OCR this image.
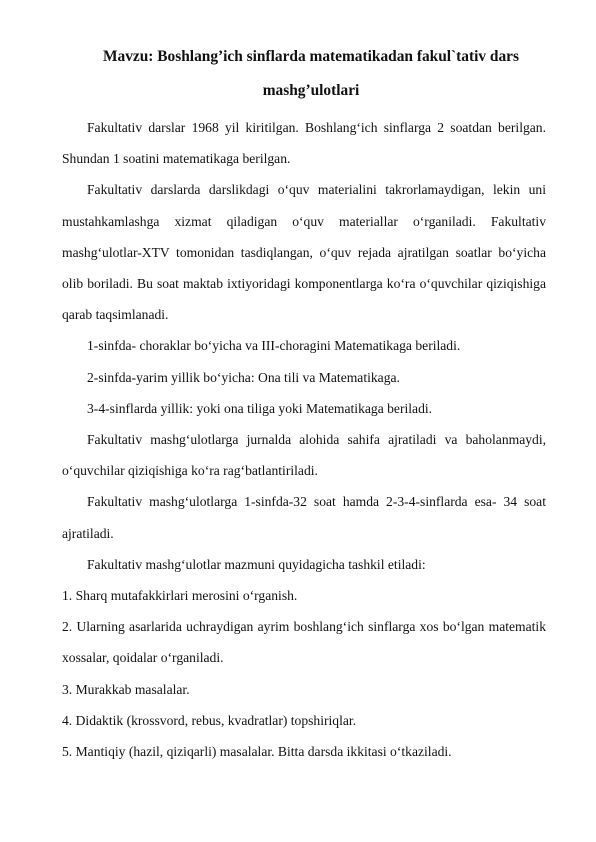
Mavzu: Boshlang’ich sinflarda matematikadan fakul`tativ dars
mashg’ulotlari

Fakultativ darslar 1968 yil kiritilgan. Boshlang‘ich sinflarga 2 soatdan berilgan. Shundan 1 soatini matematikaga berilgan.

Fakultativ darslarda darslikdagi o‘quv materialini takrorlamaydigan, lekin uni mustahkamlashga xizmat qiladigan o‘quv materiallar o‘rganiladi. Fakultativ mashg‘ulotlar-XTV tomonidan tasdiqlangan, o‘quv rejada ajratilgan soatlar bo‘yicha olib boriladi. Bu soat maktab ixtiyoridagi komponentlarga ko‘ra o‘quvchilar qiziqishiga qarab taqsimlanadi.

1-sinfda- choraklar bo‘yicha va III-choragini Matematikaga beriladi.

2-sinfda-yarim yillik bo‘yicha: Ona tili va Matematikaga.

3-4-sinflarda yillik: yoki ona tiliga yoki Matematikaga beriladi.

Fakultativ mashg‘ulotlarga jurnalda alohida sahifa ajratiladi va baholanmaydi, o‘quvchilar qiziqishiga ko‘ra rag‘batlantiriladi.

Fakultativ mashg‘ulotlarga 1-sinfda-32 soat hamda 2-3-4-sinflarda esa- 34 soat ajratiladi.

Fakultativ mashg‘ulotlar mazmuni quyidagicha tashkil etiladi:

1. Sharq mutafakkirlari merosini o‘rganish.

2. Ularning asarlarida uchraydigan ayrim boshlang‘ich sinflarga xos bo‘lgan matematik xossalar, qoidalar o‘rganiladi.

3. Murakkab masalalar.

4. Didaktik (krossvord, rebus, kvadratlar) topshiriqlar.

5. Mantiqiy (hazil, qiziqarli) masalalar. Bitta darsda ikkitasi o‘tkaziladi.
